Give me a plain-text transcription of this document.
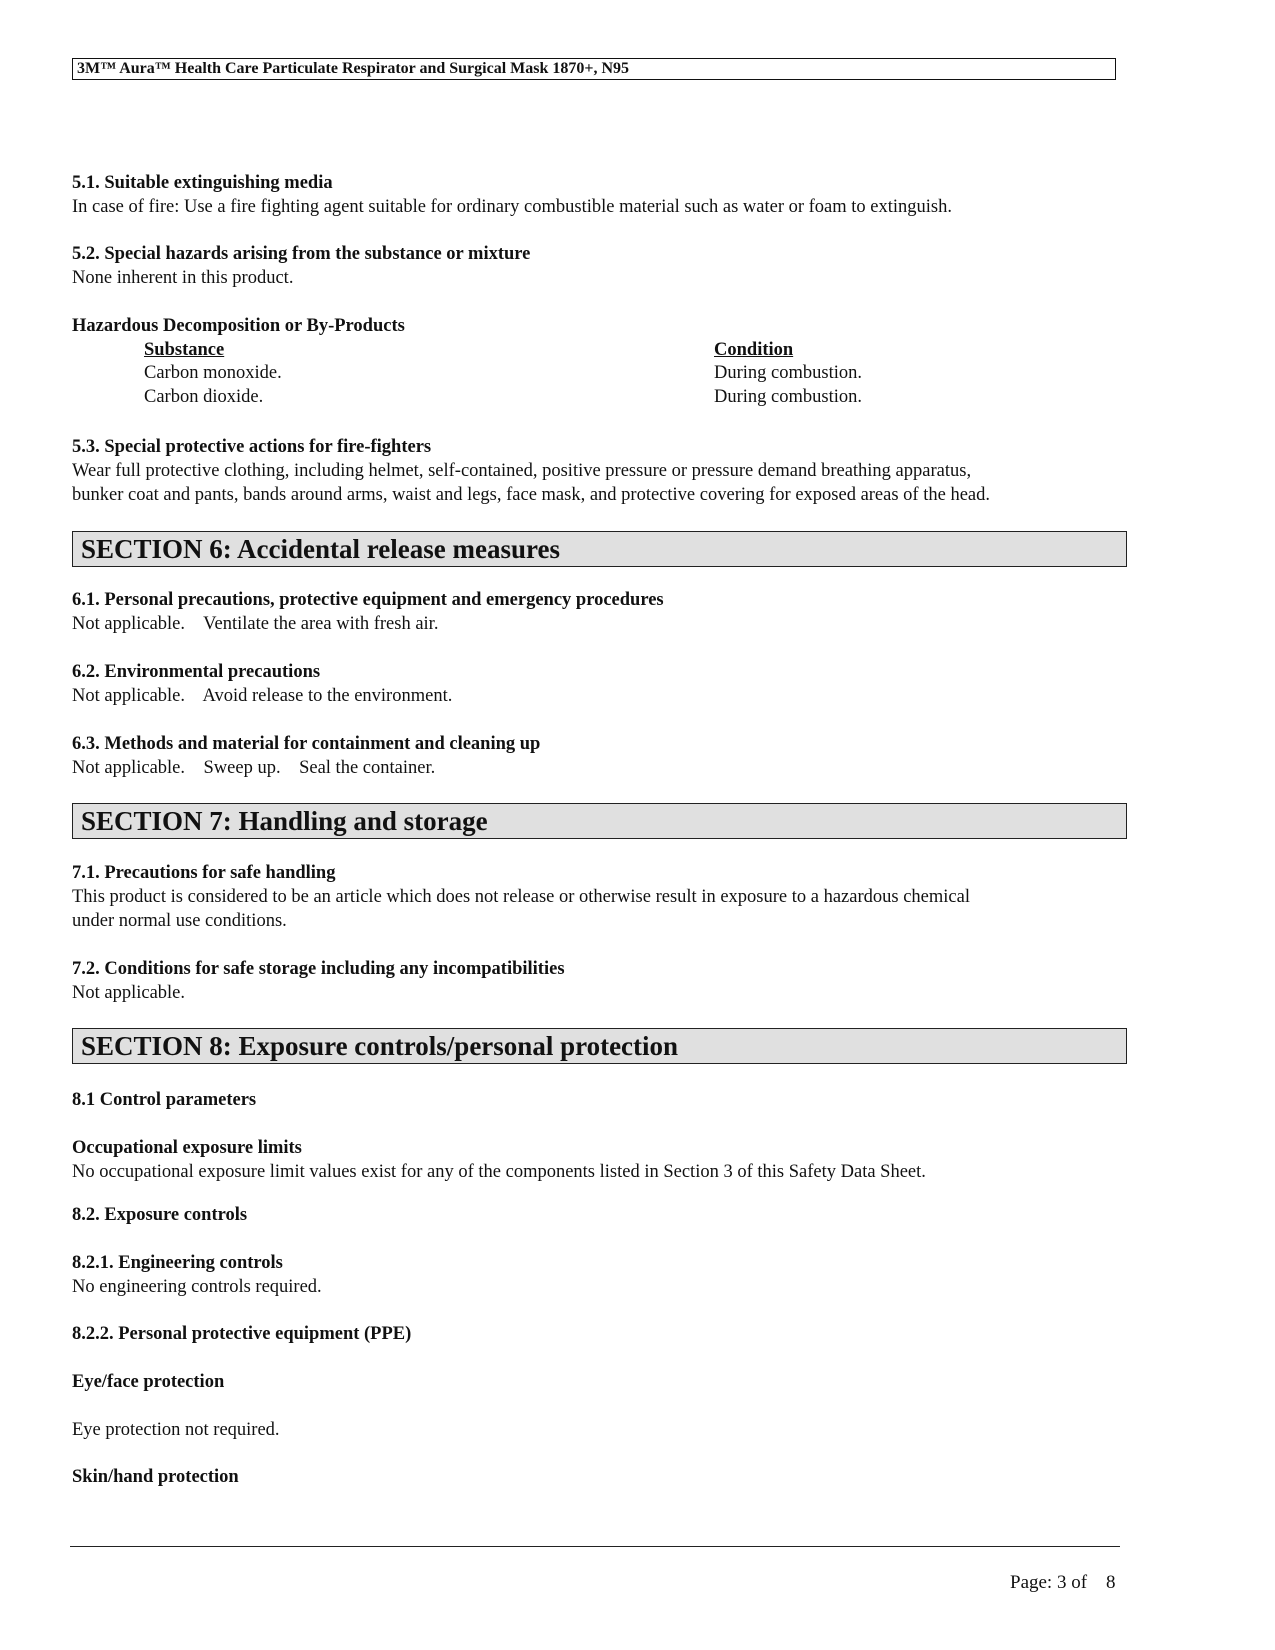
3M™ Aura™ Health Care Particulate Respirator and Surgical Mask 1870+, N95
5.1. Suitable extinguishing media
In case of fire: Use a fire fighting agent suitable for ordinary combustible material such as water or foam to extinguish.
5.2. Special hazards arising from the substance or mixture
None inherent in this product.
Hazardous Decomposition or By-Products
Substance	Condition
Carbon monoxide.	During combustion.
Carbon dioxide.	During combustion.
5.3. Special protective actions for fire-fighters
Wear full protective clothing, including helmet, self-contained, positive pressure or pressure demand breathing apparatus,
bunker coat and pants, bands around arms, waist and legs, face mask, and protective covering for exposed areas of the head.
SECTION 6: Accidental release measures
6.1. Personal precautions, protective equipment and emergency procedures
Not applicable.    Ventilate the area with fresh air.
6.2. Environmental precautions
Not applicable.    Avoid release to the environment.
6.3. Methods and material for containment and cleaning up
Not applicable.    Sweep up.    Seal the container.
SECTION 7: Handling and storage
7.1. Precautions for safe handling
This product is considered to be an article which does not release or otherwise result in exposure to a hazardous chemical
under normal use conditions.
7.2. Conditions for safe storage including any incompatibilities
Not applicable.
SECTION 8: Exposure controls/personal protection
8.1 Control parameters
Occupational exposure limits
No occupational exposure limit values exist for any of the components listed in Section 3 of this Safety Data Sheet.
8.2. Exposure controls
8.2.1. Engineering controls
No engineering controls required.
8.2.2. Personal protective equipment (PPE)
Eye/face protection
Eye protection not required.
Skin/hand protection
Page: 3 of    8
